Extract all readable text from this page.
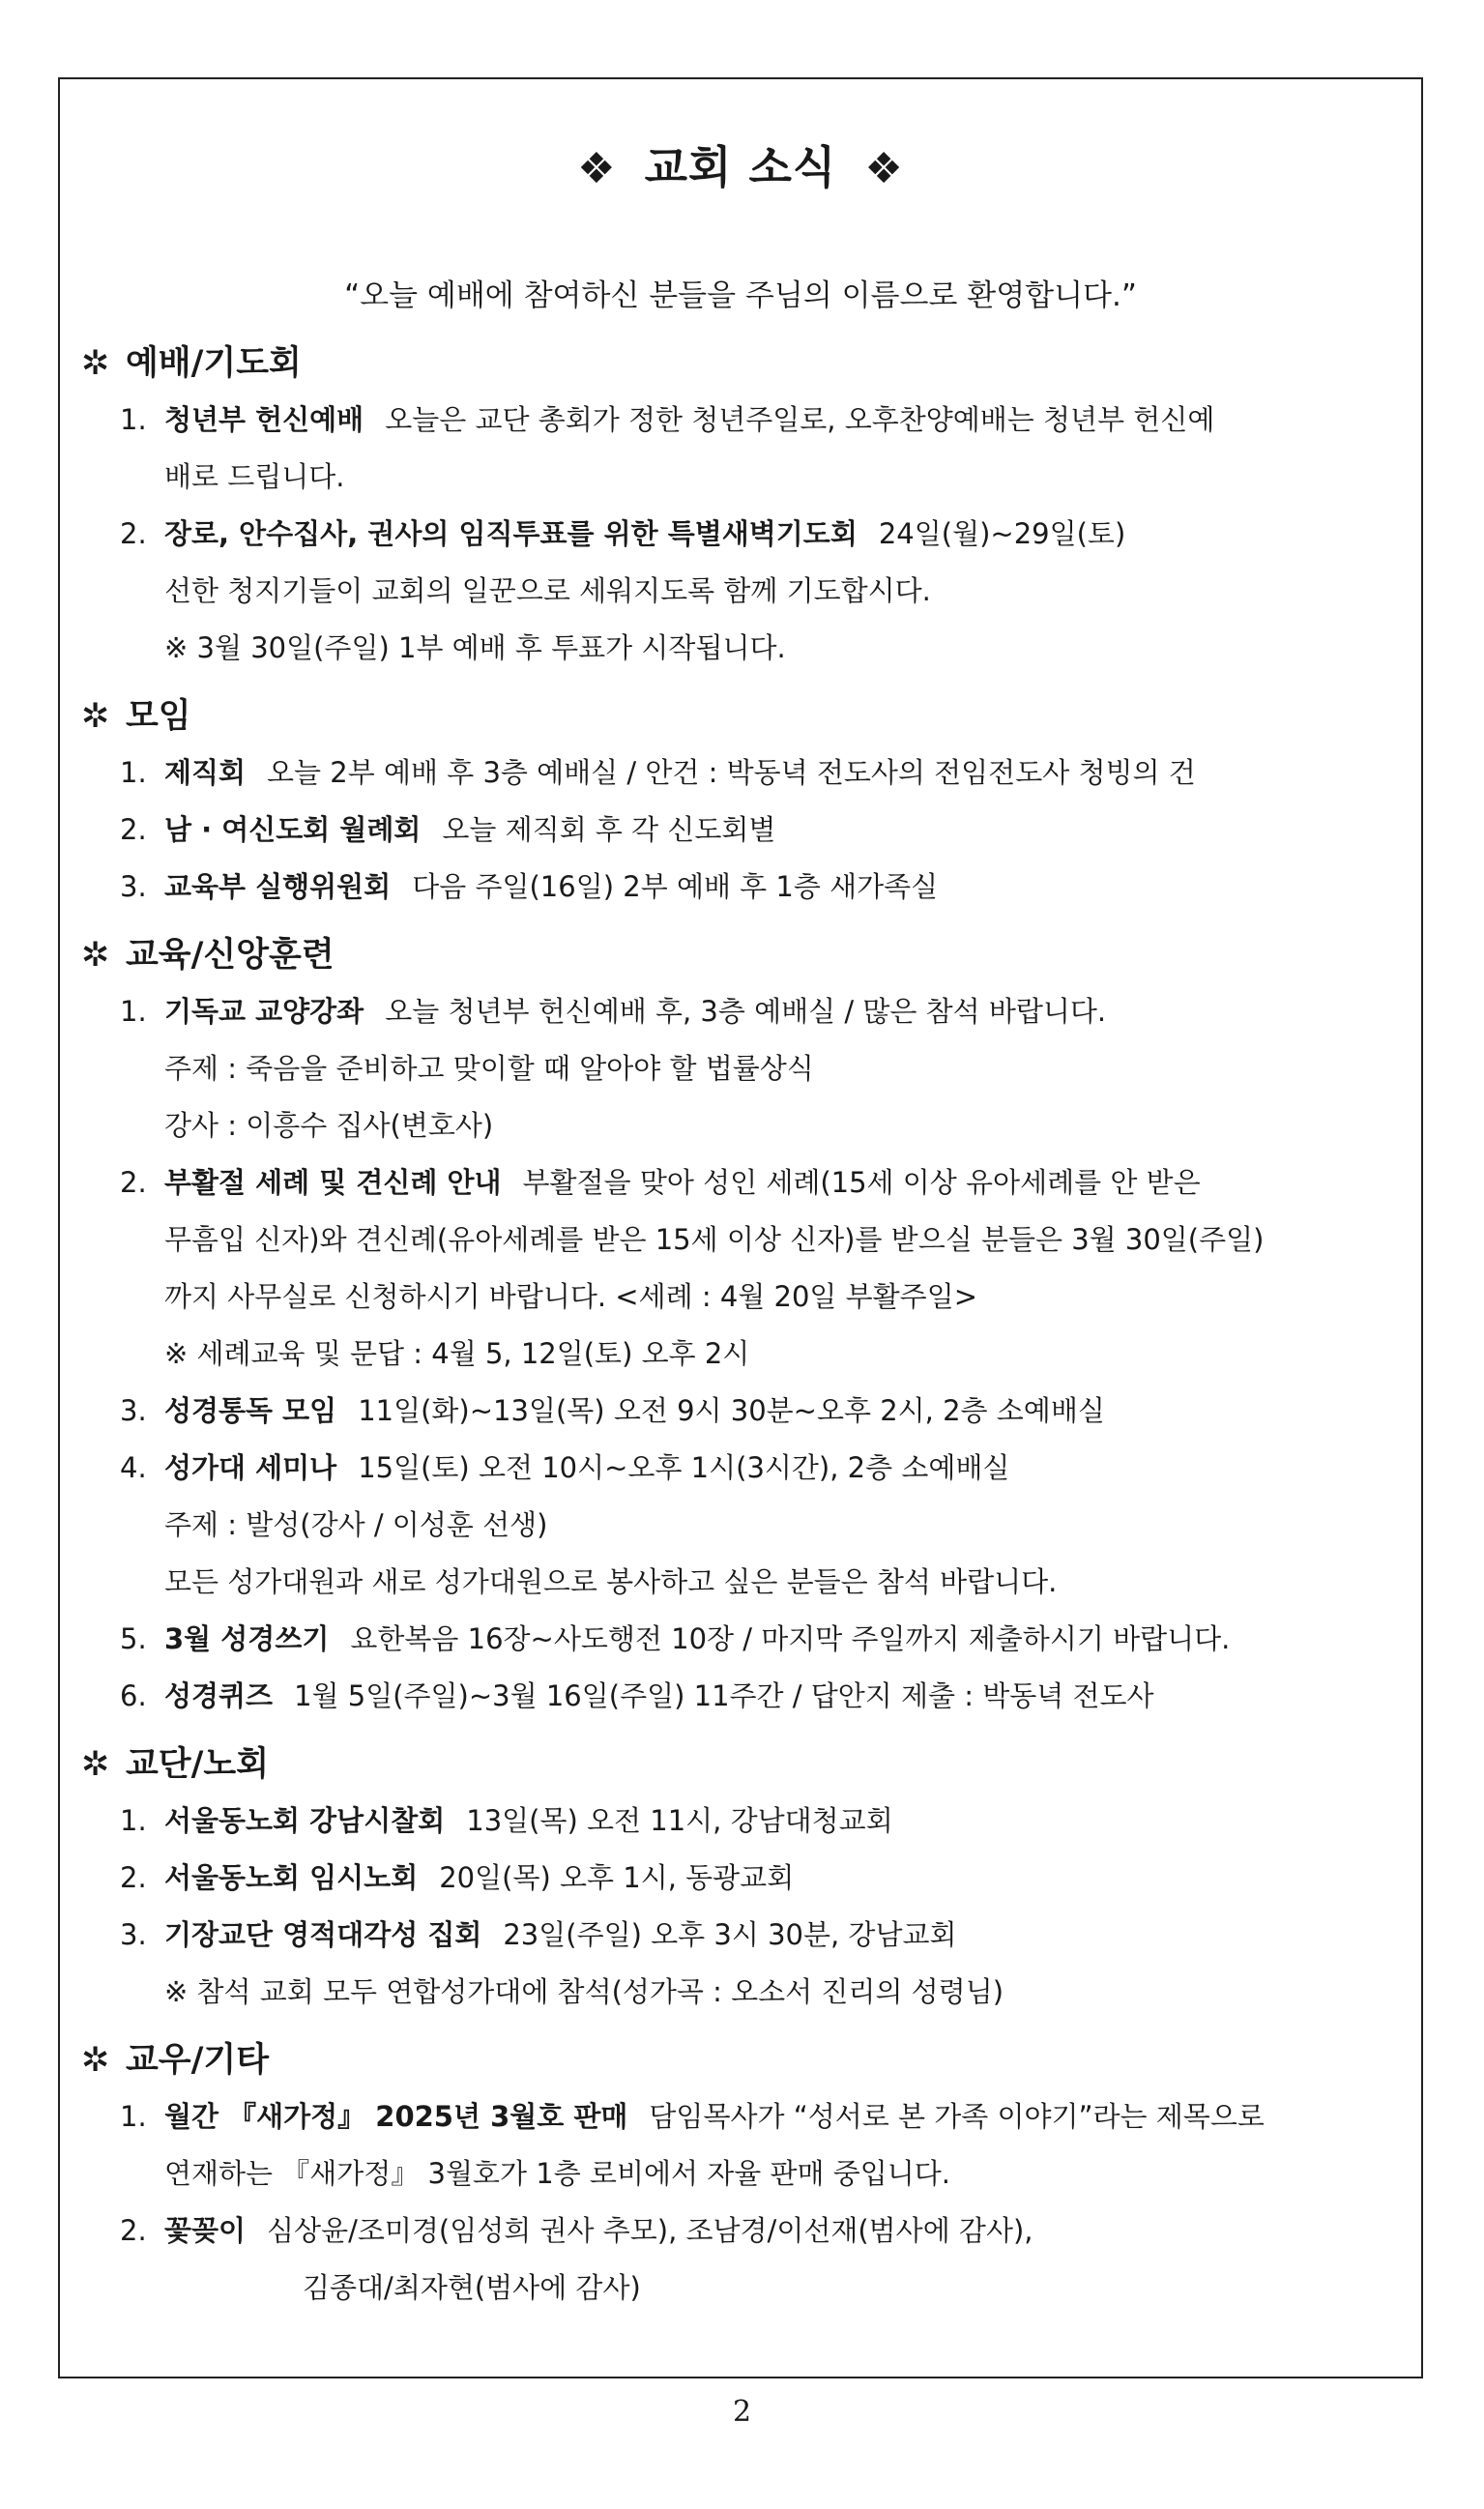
❖ 교회 소식 ❖
“오늘 예배에 참여하신 분들을 주님의 이름으로 환영합니다.”
✲ 예배/기도회
1. 청년부 헌신예배 오늘은 교단 총회가 정한 청년주일로, 오후찬양예배는 청년부 헌신예
배로 드립니다.
2. 장로, 안수집사, 권사의 임직투표를 위한 특별새벽기도회 24일(월)~29일(토)
선한 청지기들이 교회의 일꾼으로 세워지도록 함께 기도합시다.
※ 3월 30일(주일) 1부 예배 후 투표가 시작됩니다.
✲ 모임
1. 제직회 오늘 2부 예배 후 3층 예배실 / 안건 : 박동녁 전도사의 전임전도사 청빙의 건
2. 남 · 여신도회 월례회 오늘 제직회 후 각 신도회별
3. 교육부 실행위원회 다음 주일(16일) 2부 예배 후 1층 새가족실
✲ 교육/신앙훈련
1. 기독교 교양강좌 오늘 청년부 헌신예배 후, 3층 예배실 / 많은 참석 바랍니다.
주제 : 죽음을 준비하고 맞이할 때 알아야 할 법률상식
강사 : 이흥수 집사(변호사)
2. 부활절 세례 및 견신례 안내 부활절을 맞아 성인 세례(15세 이상 유아세례를 안 받은
무흠입 신자)와 견신례(유아세례를 받은 15세 이상 신자)를 받으실 분들은 3월 30일(주일)
까지 사무실로 신청하시기 바랍니다. <세례 : 4월 20일 부활주일>
※ 세례교육 및 문답 : 4월 5, 12일(토) 오후 2시
3. 성경통독 모임 11일(화)~13일(목) 오전 9시 30분~오후 2시, 2층 소예배실
4. 성가대 세미나 15일(토) 오전 10시~오후 1시(3시간), 2층 소예배실
주제 : 발성(강사 / 이성훈 선생)
모든 성가대원과 새로 성가대원으로 봉사하고 싶은 분들은 참석 바랍니다.
5. 3월 성경쓰기 요한복음 16장~사도행전 10장 / 마지막 주일까지 제출하시기 바랍니다.
6. 성경퀴즈 1월 5일(주일)~3월 16일(주일) 11주간 / 답안지 제출 : 박동녁 전도사
✲ 교단/노회
1. 서울동노회 강남시찰회 13일(목) 오전 11시, 강남대청교회
2. 서울동노회 임시노회 20일(목) 오후 1시, 동광교회
3. 기장교단 영적대각성 집회 23일(주일) 오후 3시 30분, 강남교회
※ 참석 교회 모두 연합성가대에 참석(성가곡 : 오소서 진리의 성령님)
✲ 교우/기타
1. 월간 『새가정』 2025년 3월호 판매 담임목사가 “성서로 본 가족 이야기”라는 제목으로
연재하는 『새가정』 3월호가 1층 로비에서 자율 판매 중입니다.
2. 꽃꽂이 심상윤/조미경(임성희 권사 추모), 조남경/이선재(범사에 감사),
김종대/최자현(범사에 감사)
2
